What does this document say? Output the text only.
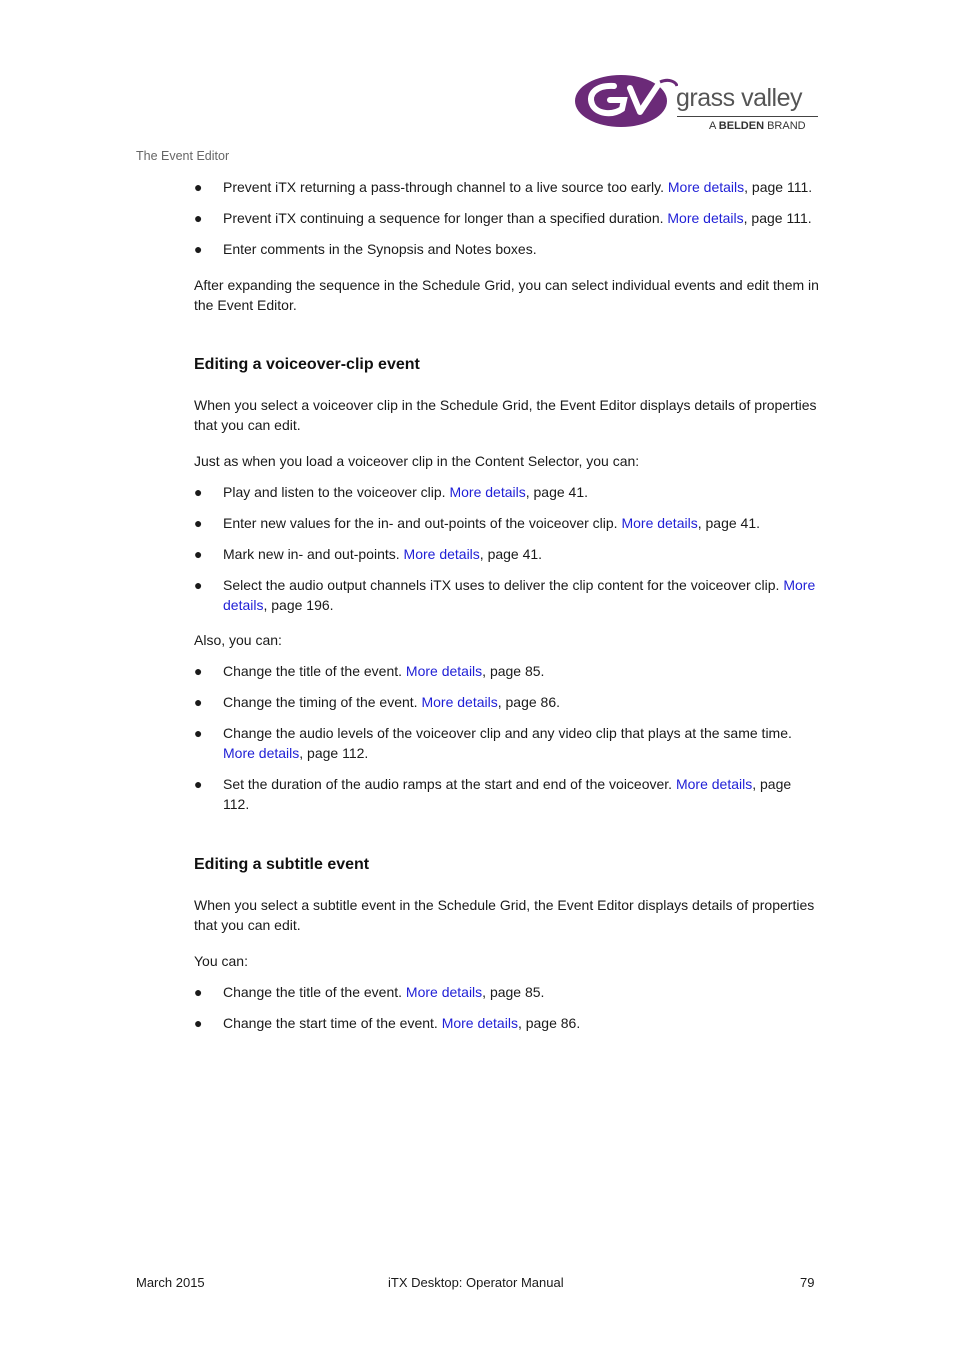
grass valley
A BELDEN BRAND
The Event Editor
● Prevent iTX returning a pass-through channel to a live source too early. More details, page 111.
● Prevent iTX continuing a sequence for longer than a specified duration. More details, page 111.
● Enter comments in the Synopsis and Notes boxes.

After expanding the sequence in the Schedule Grid, you can select individual events and edit them in the Event Editor.

Editing a voiceover-clip event

When you select a voiceover clip in the Schedule Grid, the Event Editor displays details of properties that you can edit.

Just as when you load a voiceover clip in the Content Selector, you can:

● Play and listen to the voiceover clip. More details, page 41.
● Enter new values for the in- and out-points of the voiceover clip. More details, page 41.
● Mark new in- and out-points. More details, page 41.
● Select the audio output channels iTX uses to deliver the clip content for the voiceover clip. More details, page 196.

Also, you can:

● Change the title of the event. More details, page 85.
● Change the timing of the event. More details, page 86.
● Change the audio levels of the voiceover clip and any video clip that plays at the same time. More details, page 112.
● Set the duration of the audio ramps at the start and end of the voiceover. More details, page 112.
Editing a subtitle event

When you select a subtitle event in the Schedule Grid, the Event Editor displays details of properties that you can edit.

You can:

● Change the title of the event. More details, page 85.
● Change the start time of the event. More details, page 86.
March 2015	iTX Desktop: Operator Manual	79
